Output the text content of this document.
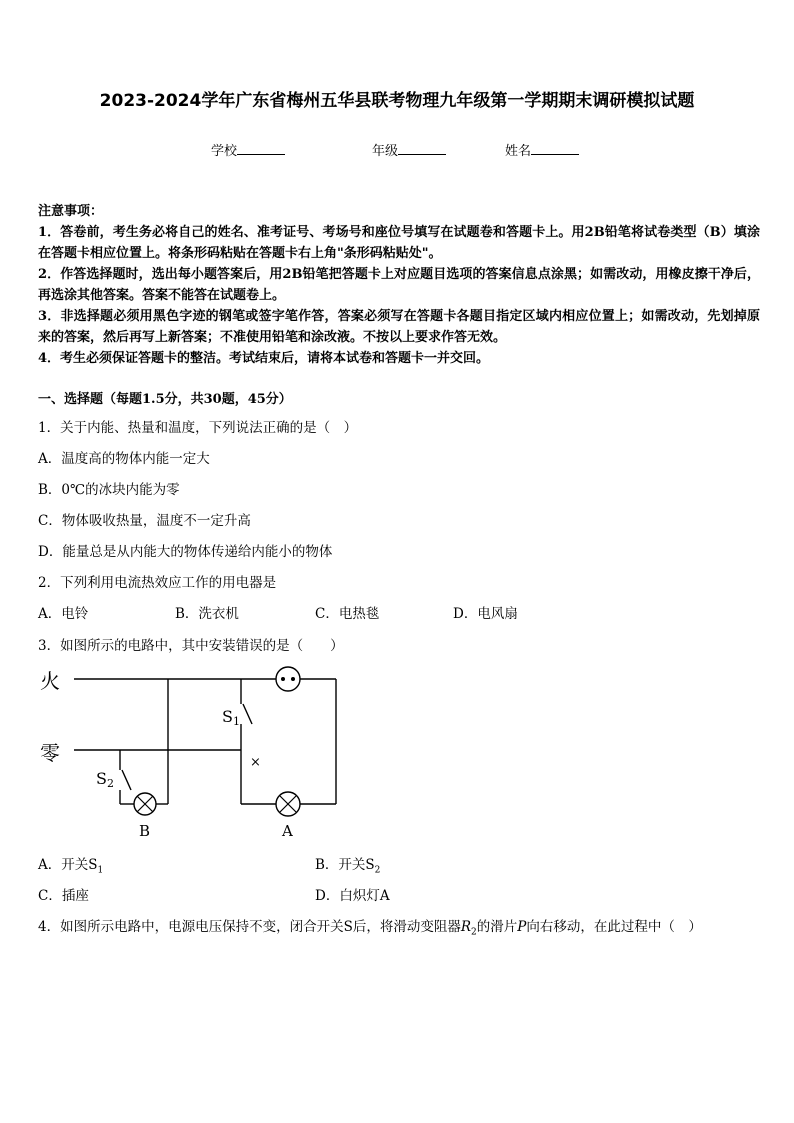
2023-2024学年广东省梅州五华县联考物理九年级第一学期期末调研模拟试题
学校	年级	姓名

注意事项：

1．答卷前，考生务必将自己的姓名、准考证号、考场号和座位号填写在试题卷和答题卡上。用2B铅笔将试卷类型（B）填涂在答题卡相应位置上。将条形码粘贴在答题卡右上角"条形码粘贴处"。

2．作答选择题时，选出每小题答案后，用2B铅笔把答题卡上对应题目选项的答案信息点涂黑；如需改动，用橡皮擦干净后，再选涂其他答案。答案不能答在试题卷上。

3．非选择题必须用黑色字迹的钢笔或签字笔作答，答案必须写在答题卡各题目指定区域内相应位置上；如需改动，先划掉原来的答案，然后再写上新答案；不准使用铅笔和涂改液。不按以上要求作答无效。

4．考生必须保证答题卡的整洁。考试结束后，请将本试卷和答题卡一并交回。

一、选择题（每题1.5分，共30题，45分）
1．关于内能、热量和温度，下列说法正确的是（　）
A．温度高的物体内能一定大
B．0℃的冰块内能为零
C．物体吸收热量，温度不一定升高
D．能量总是从内能大的物体传递给内能小的物体
2．下列利用电流热效应工作的用电器是
A．电铃	B．洗衣机	C．电热毯	D．电风扇
3．如图所示的电路中，其中安装错误的是（　　）
火
零
S1
S2
×
B	A
A．开关$S_1$	B．开关$S_2$
C．插座	D．白炽灯A
4．如图所示电路中，电源电压保持不变，闭合开关S后，将滑动变阻器$R_2$的滑片P向右移动，在此过程中（　）
